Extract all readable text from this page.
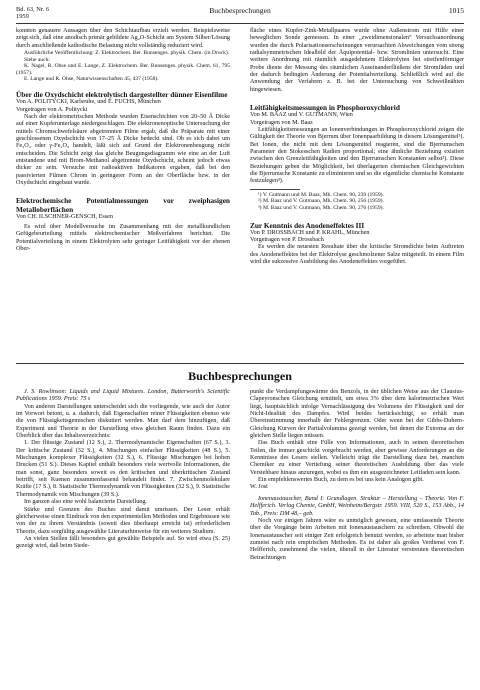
Bd. 63, Nr. 6
1959
Buchbesprechungen	1015

konnten genauere Aussagen über den Schichtaufbau erzielt werden. Beispielsweise zeigt sich, daß eine anodisch primär gebildete Ag₂O-Schicht am System Silber/Lösung durch anschließende kathodische Belastung nicht vollständig reduziert wird.

Ausführliche Veröffentlichung: Z. Elektrochem. Ber. Bunsenges. physik. Chem. (in Druck).

Siehe auch:

K. Nagel, R. Ohse und E. Lange, Z. Elektrochem. Ber. Bunsenges. physik. Chem. 61, 795 (1957).

E. Lange und R. Ohse, Naturwissenschaften 45, 437 (1958).

Über die Oxydschicht elektrolytisch dargestellter dünner Eisenfilme

Von A. POLITYCKI, Karlsruhe, und E. FUCHS, München

Vorgetragen von A. Politycki

Nach der elektrometrischen Methode wurden Eisenschichten von 20–50 Å Dicke auf einer Kupferunterlage niedergeschlagen. Die elektronenoptische Untersuchung der mittels Chromschwefelsäure abgetrennten Filme ergab, daß die Präparate mit einer geschlossenen Oxydschicht von 17–25 Å Dicke bedeckt sind. Ob es sich dabei um Fe₃O₄ oder γ-Fe₂O₃ handelt, läßt sich auf Grund der Elektronenbeugung nicht entscheiden. Die Schicht zeigt das gleiche Beugungsdiagramm wie eine an der Luft entstandene und mit Brom-Methanol abgetrennte Oxydschicht, scheint jedoch etwas dicker zu sein. Versuche mit radioaktiven Indikatoren ergaben, daß bei den passivierten Filmen Chrom in geringerer Form an der Oberfläche bzw. in der Oxydschicht eingebaut wurde.

Elektrochemische Potentialmessungen vor zweiphasigen Metalloberflächen

Von CH. ILSCHNER-GENSCH, Essen

Es wird über Modellversuche im Zusammenhang mit der metallkundlichen Gefügebeurteilung mittels elektrochemischer Meßverfahren berichtet. Die Potentialverteilung in einem Elektrolyten sehr geringer Leitfähigkeit vor der ebenen Ober-

fläche eines Kupfer-Zink-Metallpaares wurde ohne Außenstrom mit Hilfe einer beweglichen Sonde gemessen. In einer „zweidimensionalen“ Versuchsanordnung wurden die durch Polarisationserscheinungen verursachten Abweichungen vom streng radialsymmetrischen Idealbild der Äquipotential- bzw. Stromlinien untersucht. Eine weitere Anordnung mit räumlich ausgedehntem Elektrolyten bei streifenförmiger Probe diente der Messung des räumlichen Auseinanderfließens der Stromfäden und der dadurch bedingten Änderung der Potentialverteilung. Schließlich wird auf die Anwendung der Verfahren z. B. bei der Untersuchung von Schweißnähten hingewiesen.

Leitfähigkeitsmessungen in Phosphoroxychlorid

Von M. BAAZ und V. GUTMANN, Wien

Vorgetragen von M. Baaz

Leitfähigkeitsmessungen an Ionenverbindungen in Phosphoroxychlorid zeigen die Gültigkeit der Theorie von Bjerrum über Ionenpaarbildung in diesem Lösungsmittel¹). Bei Ionen, die nicht mit dem Lösungsmittel reagieren, sind die Bjerrumschen Parameter den Stokesschen Radien proportional; eine ähnliche Beziehung existiert zwischen den Grenzleitfähigkeiten und den Bjerrumschen Konstanten selbst²). Diese Beziehungen geben die Möglichkeit, bei überlagerten chemischen Gleichgewichten die Bjerrumsche Konstante zu eliminieren und so die eigentliche chemische Konstante festzulegen³).

¹) V. Gutmann und M. Baaz, Mh. Chem. 90, 239 (1959).

²) M. Baaz und V. Gutmann, Mh. Chem. 90, 256 (1959).

³) M. Baaz und V. Gutmann, Mh. Chem. 90, 276 (1959).

Zur Kenntnis des Anodeneffektes III

Von P. DROSSBACH und P. KRAHL, München

Vorgetragen von P. Drossbach

Es werden die neuesten Resultate über die kritische Stromdichte beim Auftreten des Anodeneffektes bei der Elektrolyse geschmolzener Salze mitgeteilt. In einem Film wird die sukzessive Ausbildung des Anodeneffektes vorgeführt.

Buchbesprechungen

J. S. Rowlinson: Liquids and Liquid Mixtures. London, Butterworth's Scientific Publications 1959. Preis: 75 s

Von anderen Darstellungen unterscheidet sich die vorliegende, wie auch der Autor im Vorwort betont, u. a. dadurch, daß Eigenschaften reiner Flüssigkeiten ebenso wie die von Flüssigkeitsgemischen diskutiert werden. Man darf dem hinzufügen, daß Experiment und Theorie in der Darstellung etwa gleichen Raum finden. Dazu ein Überblick über das Inhaltsverzeichnis:

1. Der flüssige Zustand (12 S.), 2. Thermodynamische Eigenschaften (67 S.), 3. Der kritische Zustand (32 S.), 4. Mischungen einfacher Flüssigkeiten (48 S.), 5. Mischungen komplexer Flüssigkeiten (32 S.), 6. Flüssige Mischungen bei hohen Drucken (51 S.). Dieses Kapitel enthält besonders viele wertvolle Informationen, die man sonst, ganz besonders soweit es den kritischen und überkritischen Zustand betrifft, seit Kuenen zusammenfassend behandelt findet. 7. Zwischenmolekulare Kräfte (17 S.), 8. Statistische Thermodynamik von Flüssigkeiten (32 S.), 9. Statistische Thermodynamik von Mischungen (39 S.).

Im ganzen also eine wohl balancierte Darstellung.

Stärke und Grenzen des Buches sind damit umrissen. Der Leser erhält gleicherweise einen Eindruck von den experimentellen Methoden und Ergebnissen wie von der zu ihrem Verständnis (soweit dies überhaupt erreicht ist) erforderlichen Theorie, dazu sorgfältig ausgewählte Literaturhinweise für ein weiteres Studium.

An vielen Stellen fällt besonders gut gewählte Beispiele auf. So wird etwa (S. 25) gezeigt wird, daß beim Siede-

punkt die Verdampfungswärme des Benzols, in der üblichen Weise aus der Clausius-Clapeyronschen Gleichung ermittelt, um etwa 3% über dem kalorimetrischen Wert liegt, hauptsächlich infolge Vernachlässigung des Volumens der Flüssigkeit und der Nicht-Idealität des Dampfes. Wird beides berücksichtigt, so erhält man Übereinstimmung innerhalb der Fehlergrenzen. Oder wenn bei der Gibbs-Duhem-Gleichung Kurven der Partialvolumina gezeigt werden, bei denen die Extrema an der gleichen Stelle liegen müssen.

Das Buch enthält eine Fülle von Informationen, auch in seinen theoretischen Teilen, die immer geschickt vorgebracht werden, aber gewisse Anforderungen an die Kenntnisse des Lesers stellen. Vielleicht trägt die Darstellung dazu bei, manchen Chemiker zu einer Vertiefung seiner theoretischen Ausbildung über das viele Verstehbare hinaus anzuregen, wobei es ihm ein ausgezeichneter Leitfaden sein kann.

Ein empfehlenswertes Buch, zu dem es bei uns kein Analogon gibt.

W. Jost

Ionenaustauscher, Band I: Grundlagen. Struktur – Herstellung – Theorie. Von F. Helfferich. Verlag Chemie, GmbH, Weinheim/Bergstr. 1959. VIII, 520 S., 153 Abb., 14 Tab., Preis: DM 48,– geb.

Noch vor einigen Jahren wäre es unmöglich gewesen, eine umfassende Theorie über die Vorgänge beim Arbeiten mit Ionenaustauschern zu schreiben. Obwohl die Ionenaustauscher seit einiger Zeit erfolgreich benutzt werden, so arbeitete man bisher zumeist nach rein empirischen Methoden. Es ist daher als großes Verdienst von F. Helfferich, zunehmend die vielen, überall in der Literatur verstreuten theoretischen Betrachtungen
